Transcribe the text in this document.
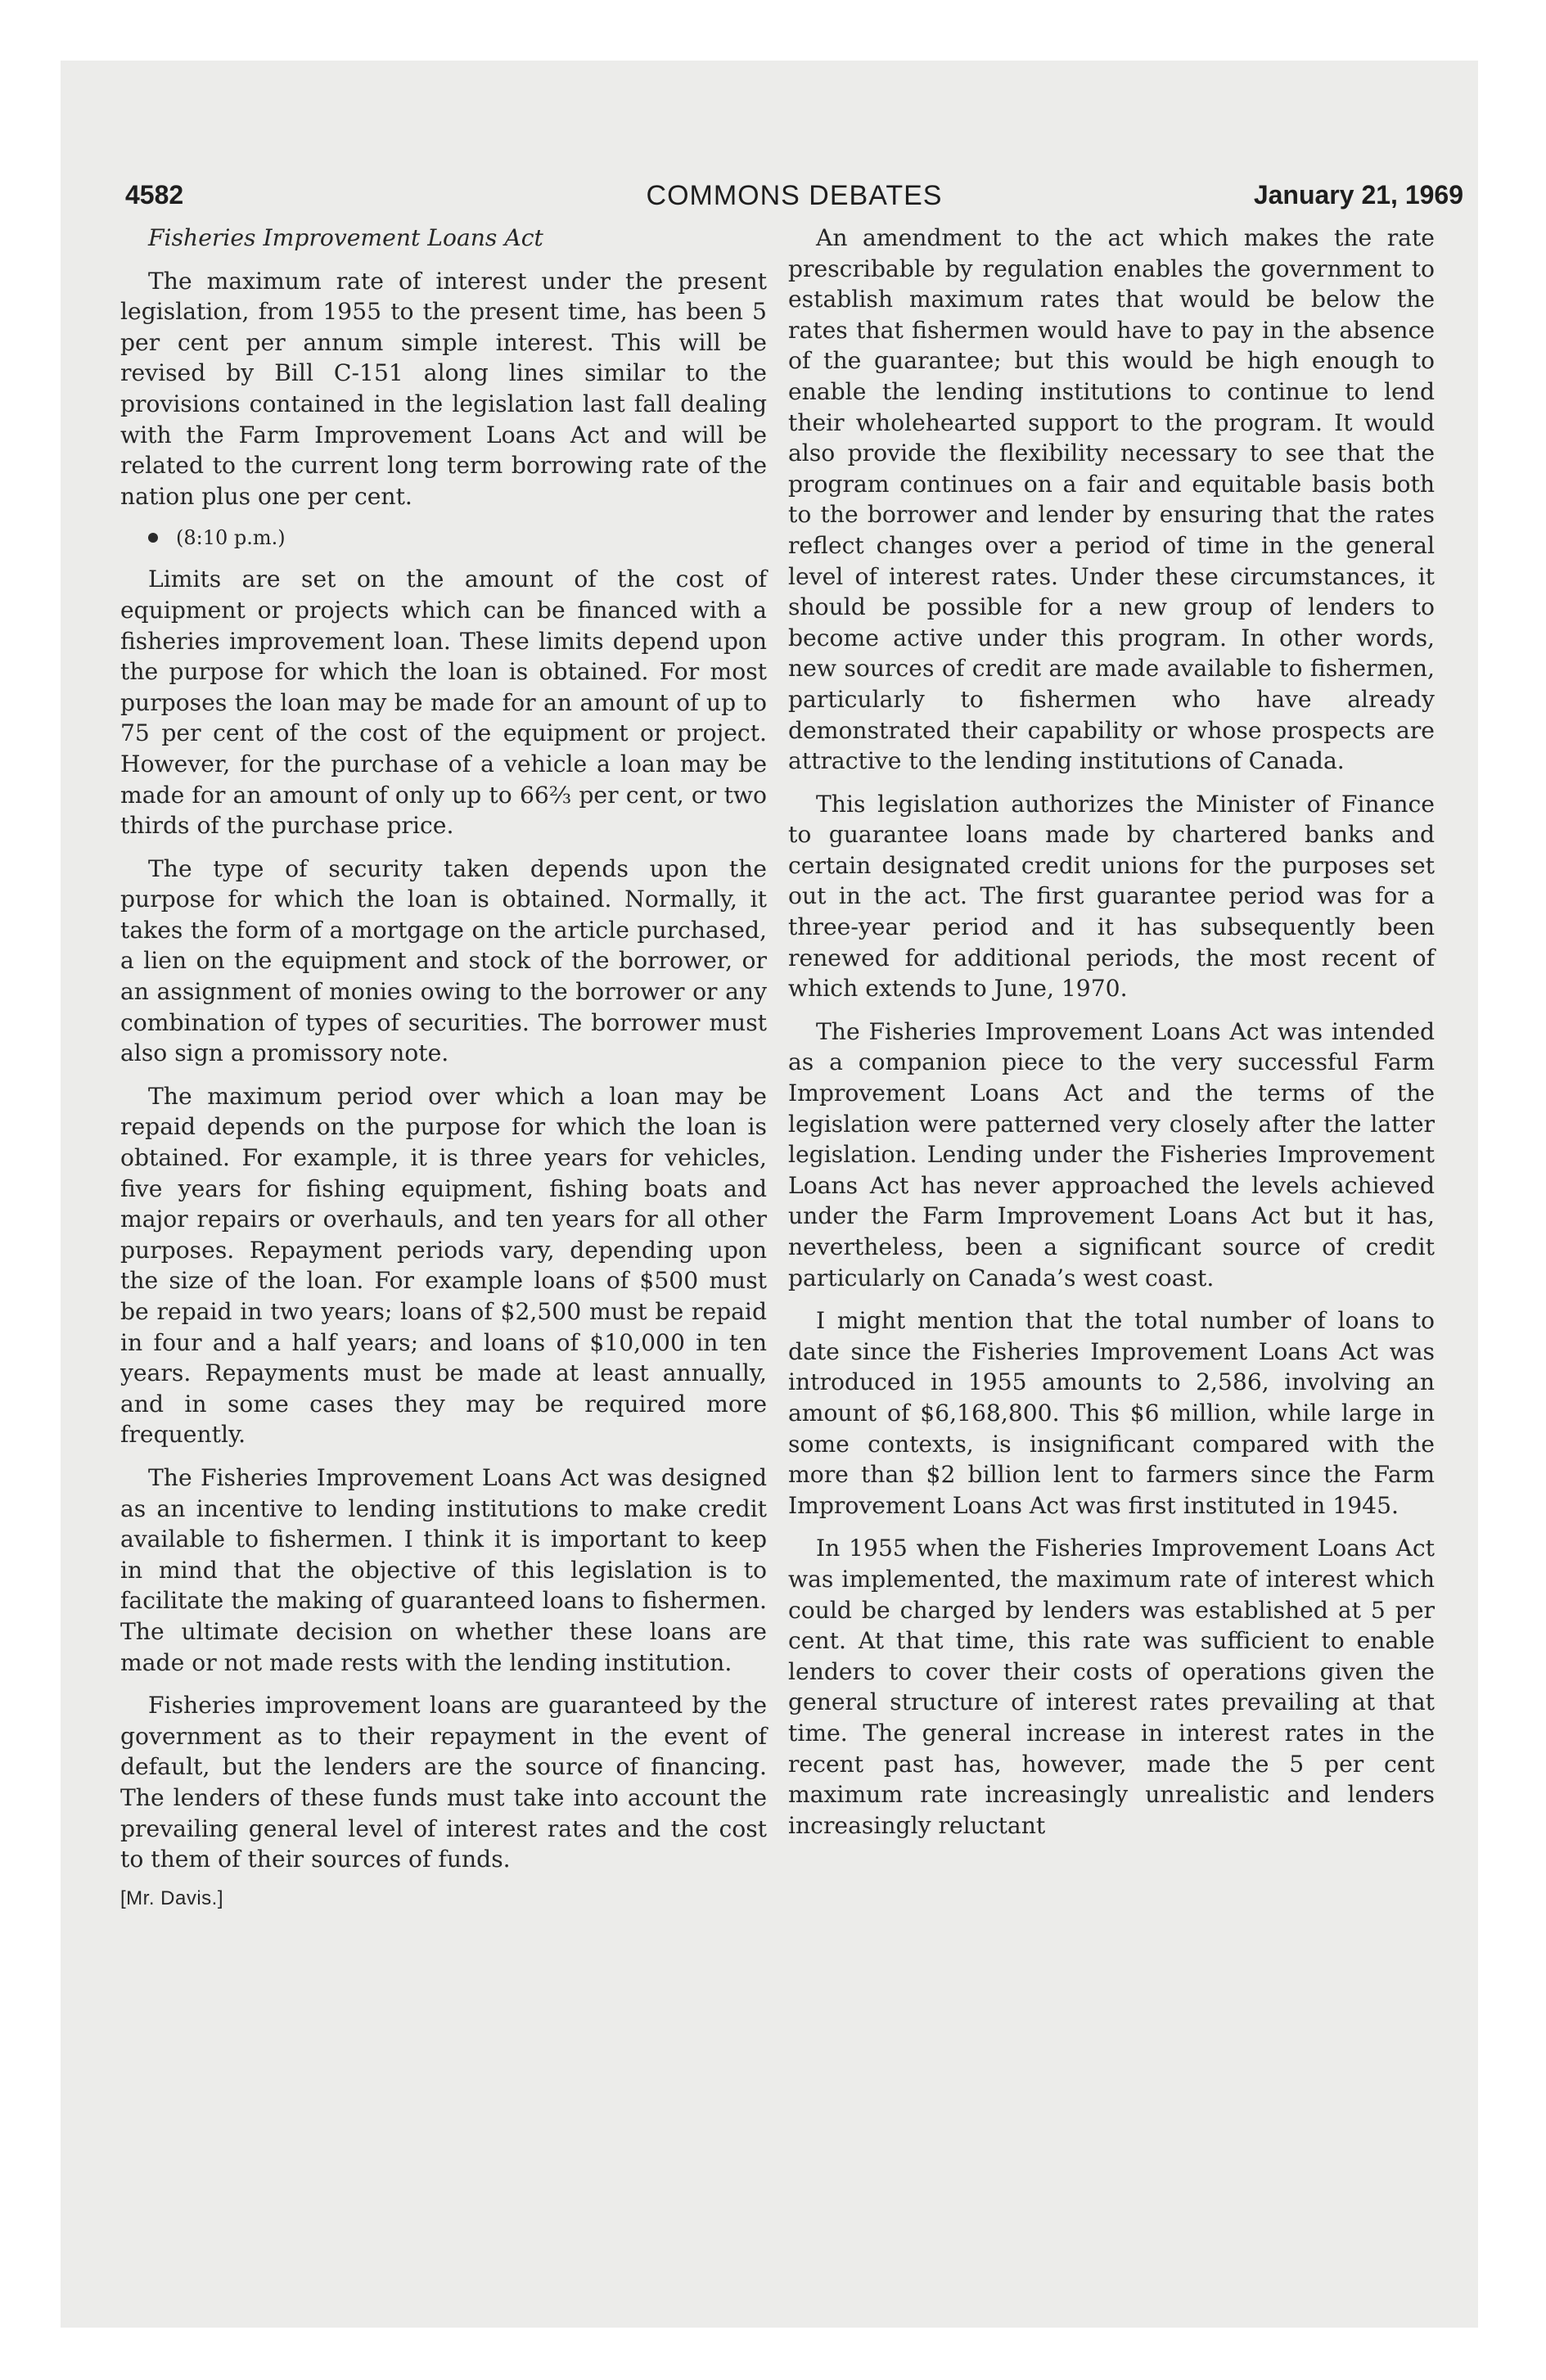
4582	COMMONS DEBATES	January 21, 1969

Fisheries Improvement Loans Act

The maximum rate of interest under the present legislation, from 1955 to the present time, has been 5 per cent per annum simple interest. This will be revised by Bill C-151 along lines similar to the provisions contained in the legislation last fall dealing with the Farm Improvement Loans Act and will be related to the current long term borrowing rate of the nation plus one per cent.

(8:10 p.m.)

Limits are set on the amount of the cost of equipment or projects which can be financed with a fisheries improvement loan. These limits depend upon the purpose for which the loan is obtained. For most purposes the loan may be made for an amount of up to 75 per cent of the cost of the equipment or project. However, for the purchase of a vehicle a loan may be made for an amount of only up to 66⅔ per cent, or two thirds of the purchase price.

The type of security taken depends upon the purpose for which the loan is obtained. Normally, it takes the form of a mortgage on the article purchased, a lien on the equipment and stock of the borrower, or an assignment of monies owing to the borrower or any combination of types of securities. The borrower must also sign a promissory note.

The maximum period over which a loan may be repaid depends on the purpose for which the loan is obtained. For example, it is three years for vehicles, five years for fishing equipment, fishing boats and major repairs or overhauls, and ten years for all other purposes. Repayment periods vary, depending upon the size of the loan. For example loans of $500 must be repaid in two years; loans of $2,500 must be repaid in four and a half years; and loans of $10,000 in ten years. Repayments must be made at least annually, and in some cases they may be required more frequently.

The Fisheries Improvement Loans Act was designed as an incentive to lending institutions to make credit available to fishermen. I think it is important to keep in mind that the objective of this legislation is to facilitate the making of guaranteed loans to fishermen. The ultimate decision on whether these loans are made or not made rests with the lending institution.

Fisheries improvement loans are guaranteed by the government as to their repayment in the event of default, but the lenders are the source of financing. The lenders of these funds must take into account the prevailing general level of interest rates and the cost to them of their sources of funds.

[Mr. Davis.]

An amendment to the act which makes the rate prescribable by regulation enables the government to establish maximum rates that would be below the rates that fishermen would have to pay in the absence of the guarantee; but this would be high enough to enable the lending institutions to continue to lend their wholehearted support to the program. It would also provide the flexibility necessary to see that the program continues on a fair and equitable basis both to the borrower and lender by ensuring that the rates reflect changes over a period of time in the general level of interest rates. Under these circumstances, it should be possible for a new group of lenders to become active under this program. In other words, new sources of credit are made available to fishermen, particularly to fishermen who have already demonstrated their capability or whose prospects are attractive to the lending institutions of Canada.

This legislation authorizes the Minister of Finance to guarantee loans made by chartered banks and certain designated credit unions for the purposes set out in the act. The first guarantee period was for a three-year period and it has subsequently been renewed for additional periods, the most recent of which extends to June, 1970.

The Fisheries Improvement Loans Act was intended as a companion piece to the very successful Farm Improvement Loans Act and the terms of the legislation were patterned very closely after the latter legislation. Lending under the Fisheries Improvement Loans Act has never approached the levels achieved under the Farm Improvement Loans Act but it has, nevertheless, been a significant source of credit particularly on Canada’s west coast.

I might mention that the total number of loans to date since the Fisheries Improvement Loans Act was introduced in 1955 amounts to 2,586, involving an amount of $6,168,800. This $6 million, while large in some contexts, is insignificant compared with the more than $2 billion lent to farmers since the Farm Improvement Loans Act was first instituted in 1945.

In 1955 when the Fisheries Improvement Loans Act was implemented, the maximum rate of interest which could be charged by lenders was established at 5 per cent. At that time, this rate was sufficient to enable lenders to cover their costs of operations given the general structure of interest rates prevailing at that time. The general increase in interest rates in the recent past has, however, made the 5 per cent maximum rate increasingly unrealistic and lenders increasingly reluctant
